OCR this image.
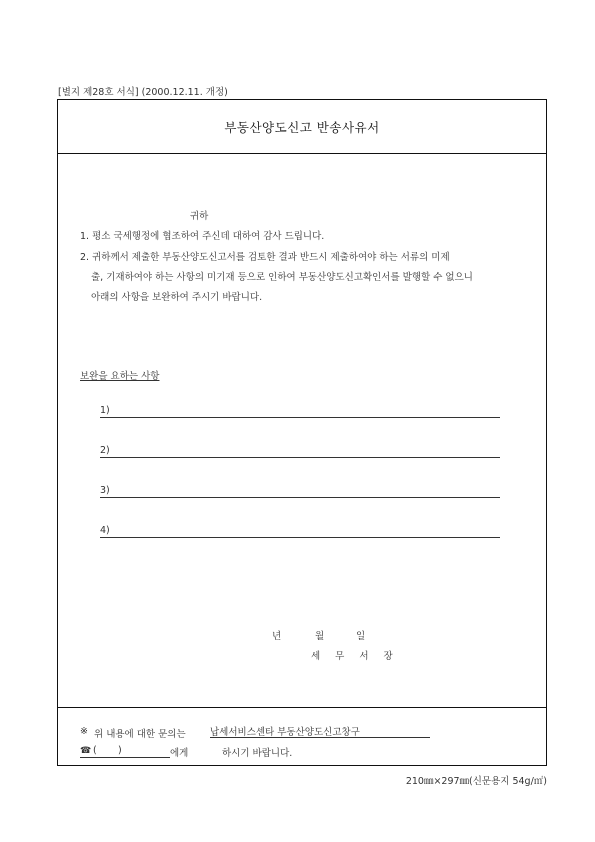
[별지 제28호 서식] (2000.12.11. 개정)
부동산양도신고 반송사유서
귀하
1. 평소 국세행정에 협조하여 주신데 대하여 감사 드립니다.
2. 귀하께서 제출한 부동산양도신고서를 검토한 결과 반드시 제출하여야 하는 서류의 미제
출, 기재하여야 하는 사항의 미기재 등으로 인하여 부동산양도신고확인서를 발행할 수 없으니
아래의 사항을 보완하여 주시기 바랍니다.
보완을 요하는 사항
1)
2)
3)
4)
년	월	일
세무서장
※ 위 내용에 대한 문의는	납세서비스센타 부동산양도신고창구
☎ ( )	에게	하시기 바랍니다.
210㎜×297㎜(신문용지 54g/㎡)
